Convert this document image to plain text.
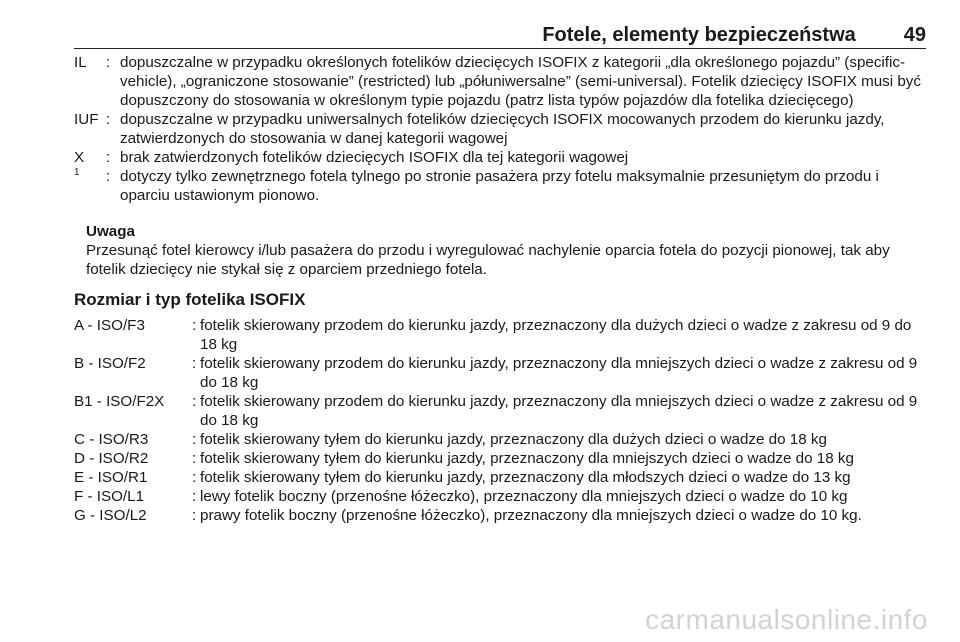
Fotele, elementy bezpieczeństwa 49
IL	: dopuszczalne w przypadku określonych fotelików dziecięcych ISOFIX z kategorii „dla określonego pojazdu” (specific-vehicle), „ograniczone stosowanie” (restricted) lub „półuniwersalne” (semi-universal). Fotelik dziecięcy ISOFIX musi być dopuszczony do stosowania w określonym typie pojazdu (patrz lista typów pojazdów dla fotelika dziecięcego)
IUF : dopuszczalne w przypadku uniwersalnych fotelików dziecięcych ISOFIX mocowanych przodem do kierunku jazdy, zatwierdzonych do stosowania w danej kategorii wagowej
X	: brak zatwierdzonych fotelików dziecięcych ISOFIX dla tej kategorii wagowej
$^1$	: dotyczy tylko zewnętrznego fotela tylnego po stronie pasażera przy fotelu maksymalnie przesuniętym do przodu i oparciu ustawionym pionowo.
Uwaga
Przesunąć fotel kierowcy i/lub pasażera do przodu i wyregulować nachylenie oparcia fotela do pozycji pionowej, tak aby fotelik dziecięcy nie stykał się z oparciem przedniego fotela.
Rozmiar i typ fotelika ISOFIX
A - ISO/F3	: fotelik skierowany przodem do kierunku jazdy, przeznaczony dla dużych dzieci o wadze z zakresu od 9 do 18 kg
B - ISO/F2	: fotelik skierowany przodem do kierunku jazdy, przeznaczony dla mniejszych dzieci o wadze z zakresu od 9 do 18 kg
B1 - ISO/F2X	: fotelik skierowany przodem do kierunku jazdy, przeznaczony dla mniejszych dzieci o wadze z zakresu od 9 do 18 kg
C - ISO/R3	: fotelik skierowany tyłem do kierunku jazdy, przeznaczony dla dużych dzieci o wadze do 18 kg
D - ISO/R2	: fotelik skierowany tyłem do kierunku jazdy, przeznaczony dla mniejszych dzieci o wadze do 18 kg
E - ISO/R1	: fotelik skierowany tyłem do kierunku jazdy, przeznaczony dla młodszych dzieci o wadze do 13 kg
F - ISO/L1	: lewy fotelik boczny (przenośne łóżeczko), przeznaczony dla mniejszych dzieci o wadze do 10 kg
G - ISO/L2	: prawy fotelik boczny (przenośne łóżeczko), przeznaczony dla mniejszych dzieci o wadze do 10 kg.
carmanualsonline.info
